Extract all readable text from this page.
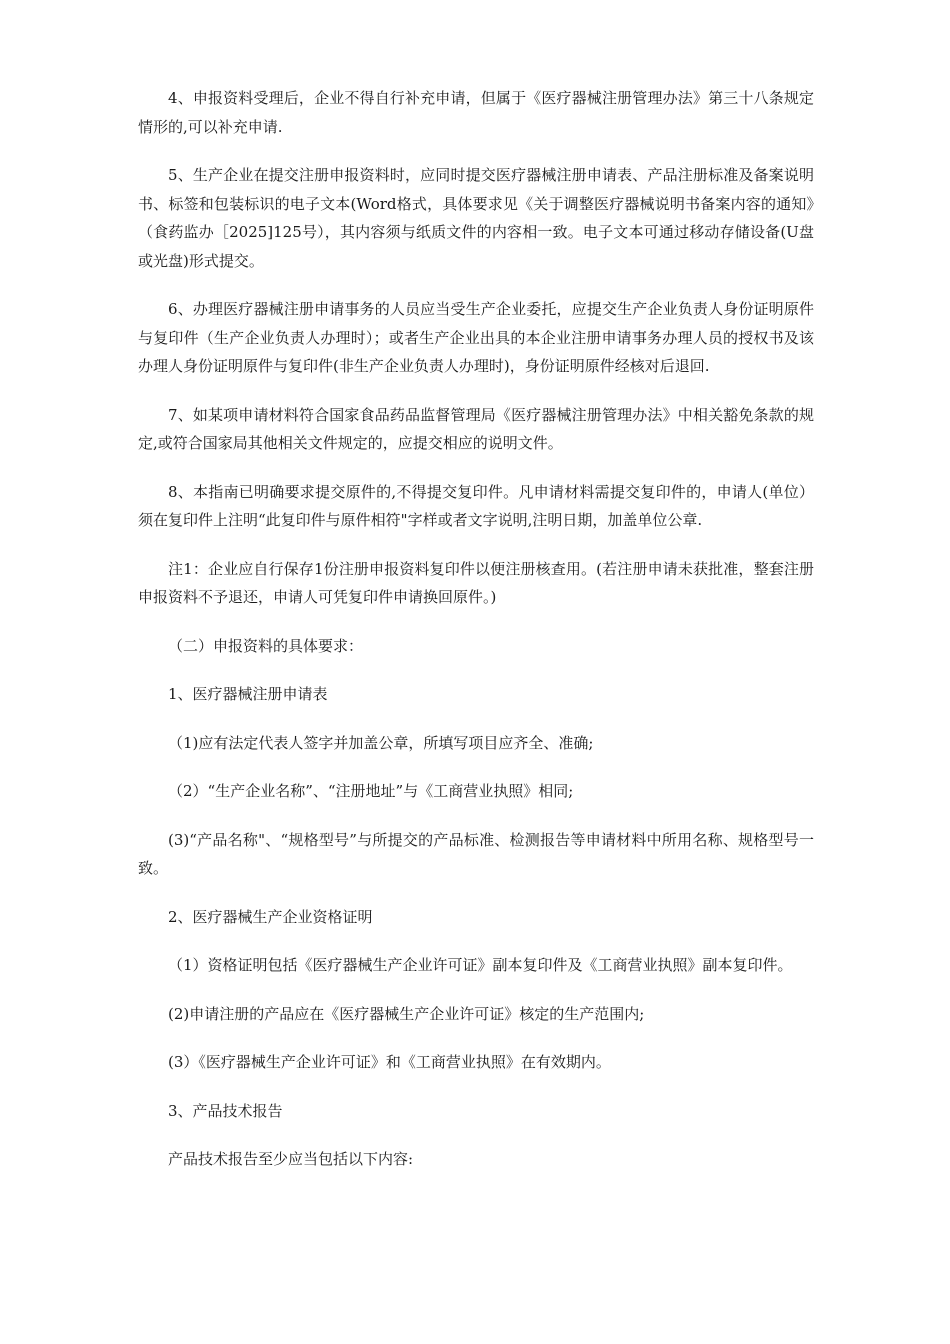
4、申报资料受理后，企业不得自行补充申请，但属于《医疗器械注册管理办法》第三十八条规定情形的,可以补充申请.

5、生产企业在提交注册申报资料时，应同时提交医疗器械注册申请表、产品注册标准及备案说明书、标签和包装标识的电子文本(Word格式，具体要求见《关于调整医疗器械说明书备案内容的通知》（食药监办［2025]125号），其内容须与纸质文件的内容相一致。电子文本可通过移动存储设备(U盘或光盘)形式提交。

6、办理医疗器械注册申请事务的人员应当受生产企业委托，应提交生产企业负责人身份证明原件与复印件（生产企业负责人办理时）；或者生产企业出具的本企业注册申请事务办理人员的授权书及该办理人身份证明原件与复印件(非生产企业负责人办理时)，身份证明原件经核对后退回.

7、如某项申请材料符合国家食品药品监督管理局《医疗器械注册管理办法》中相关豁免条款的规定,或符合国家局其他相关文件规定的，应提交相应的说明文件。

8、本指南已明确要求提交原件的,不得提交复印件。凡申请材料需提交复印件的，申请人(单位）须在复印件上注明“此复印件与原件相符"字样或者文字说明,注明日期，加盖单位公章.

注1：企业应自行保存1份注册申报资料复印件以便注册核查用。(若注册申请未获批准，整套注册申报资料不予退还，申请人可凭复印件申请换回原件。)

（二）申报资料的具体要求：

1、医疗器械注册申请表

（1)应有法定代表人签字并加盖公章，所填写项目应齐全、准确;

（2）“生产企业名称”、“注册地址”与《工商营业执照》相同;

(3)“产品名称"、“规格型号”与所提交的产品标准、检测报告等申请材料中所用名称、规格型号一致。

2、医疗器械生产企业资格证明

（1）资格证明包括《医疗器械生产企业许可证》副本复印件及《工商营业执照》副本复印件。

(2)申请注册的产品应在《医疗器械生产企业许可证》核定的生产范围内;

(3）《医疗器械生产企业许可证》和《工商营业执照》在有效期内。

3、产品技术报告

产品技术报告至少应当包括以下内容:
